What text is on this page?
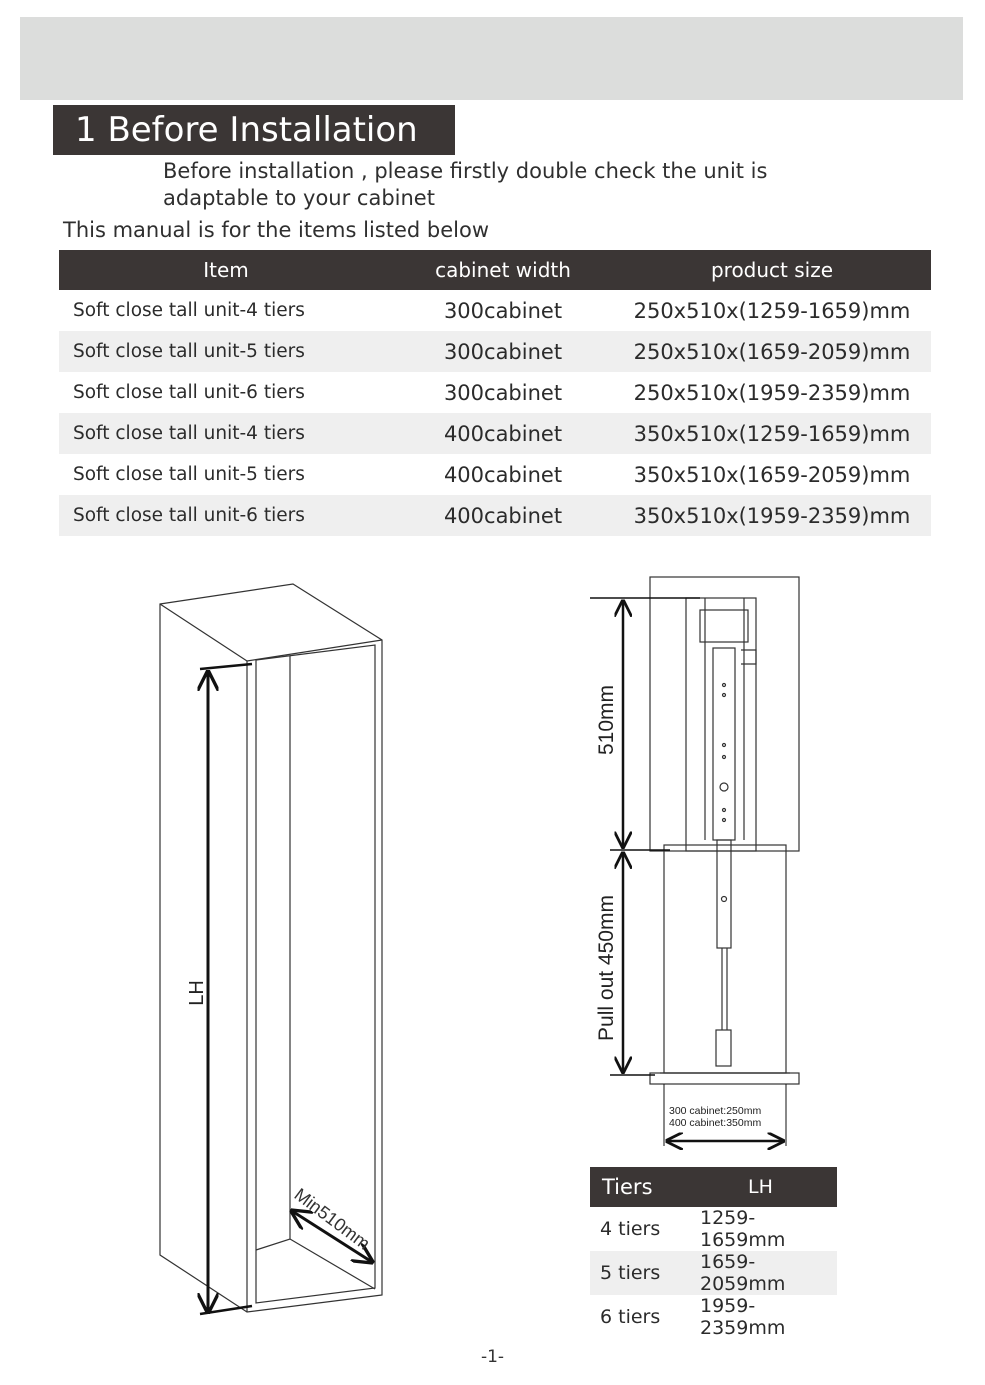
1 Before Installation
Before installation , please firstly double check the unit is
adaptable to your cabinet
This manual is for the items listed below
Item	cabinet width	product size
Soft close tall unit-4 tiers	300cabinet	250x510x(1259-1659)mm
Soft close tall unit-5 tiers	300cabinet	250x510x(1659-2059)mm
Soft close tall unit-6 tiers	300cabinet	250x510x(1959-2359)mm
Soft close tall unit-4 tiers	400cabinet	350x510x(1259-1659)mm
Soft close tall unit-5 tiers	400cabinet	350x510x(1659-2059)mm
Soft close tall unit-6 tiers	400cabinet	350x510x(1959-2359)mm
LH
Min510mm
510mm
Pull out 450mm
300 cabinet:250mm
400 cabinet:350mm
Tiers	LH
4 tiers	1259-1659mm
5 tiers	1659-2059mm
6 tiers	1959-2359mm
-1-
